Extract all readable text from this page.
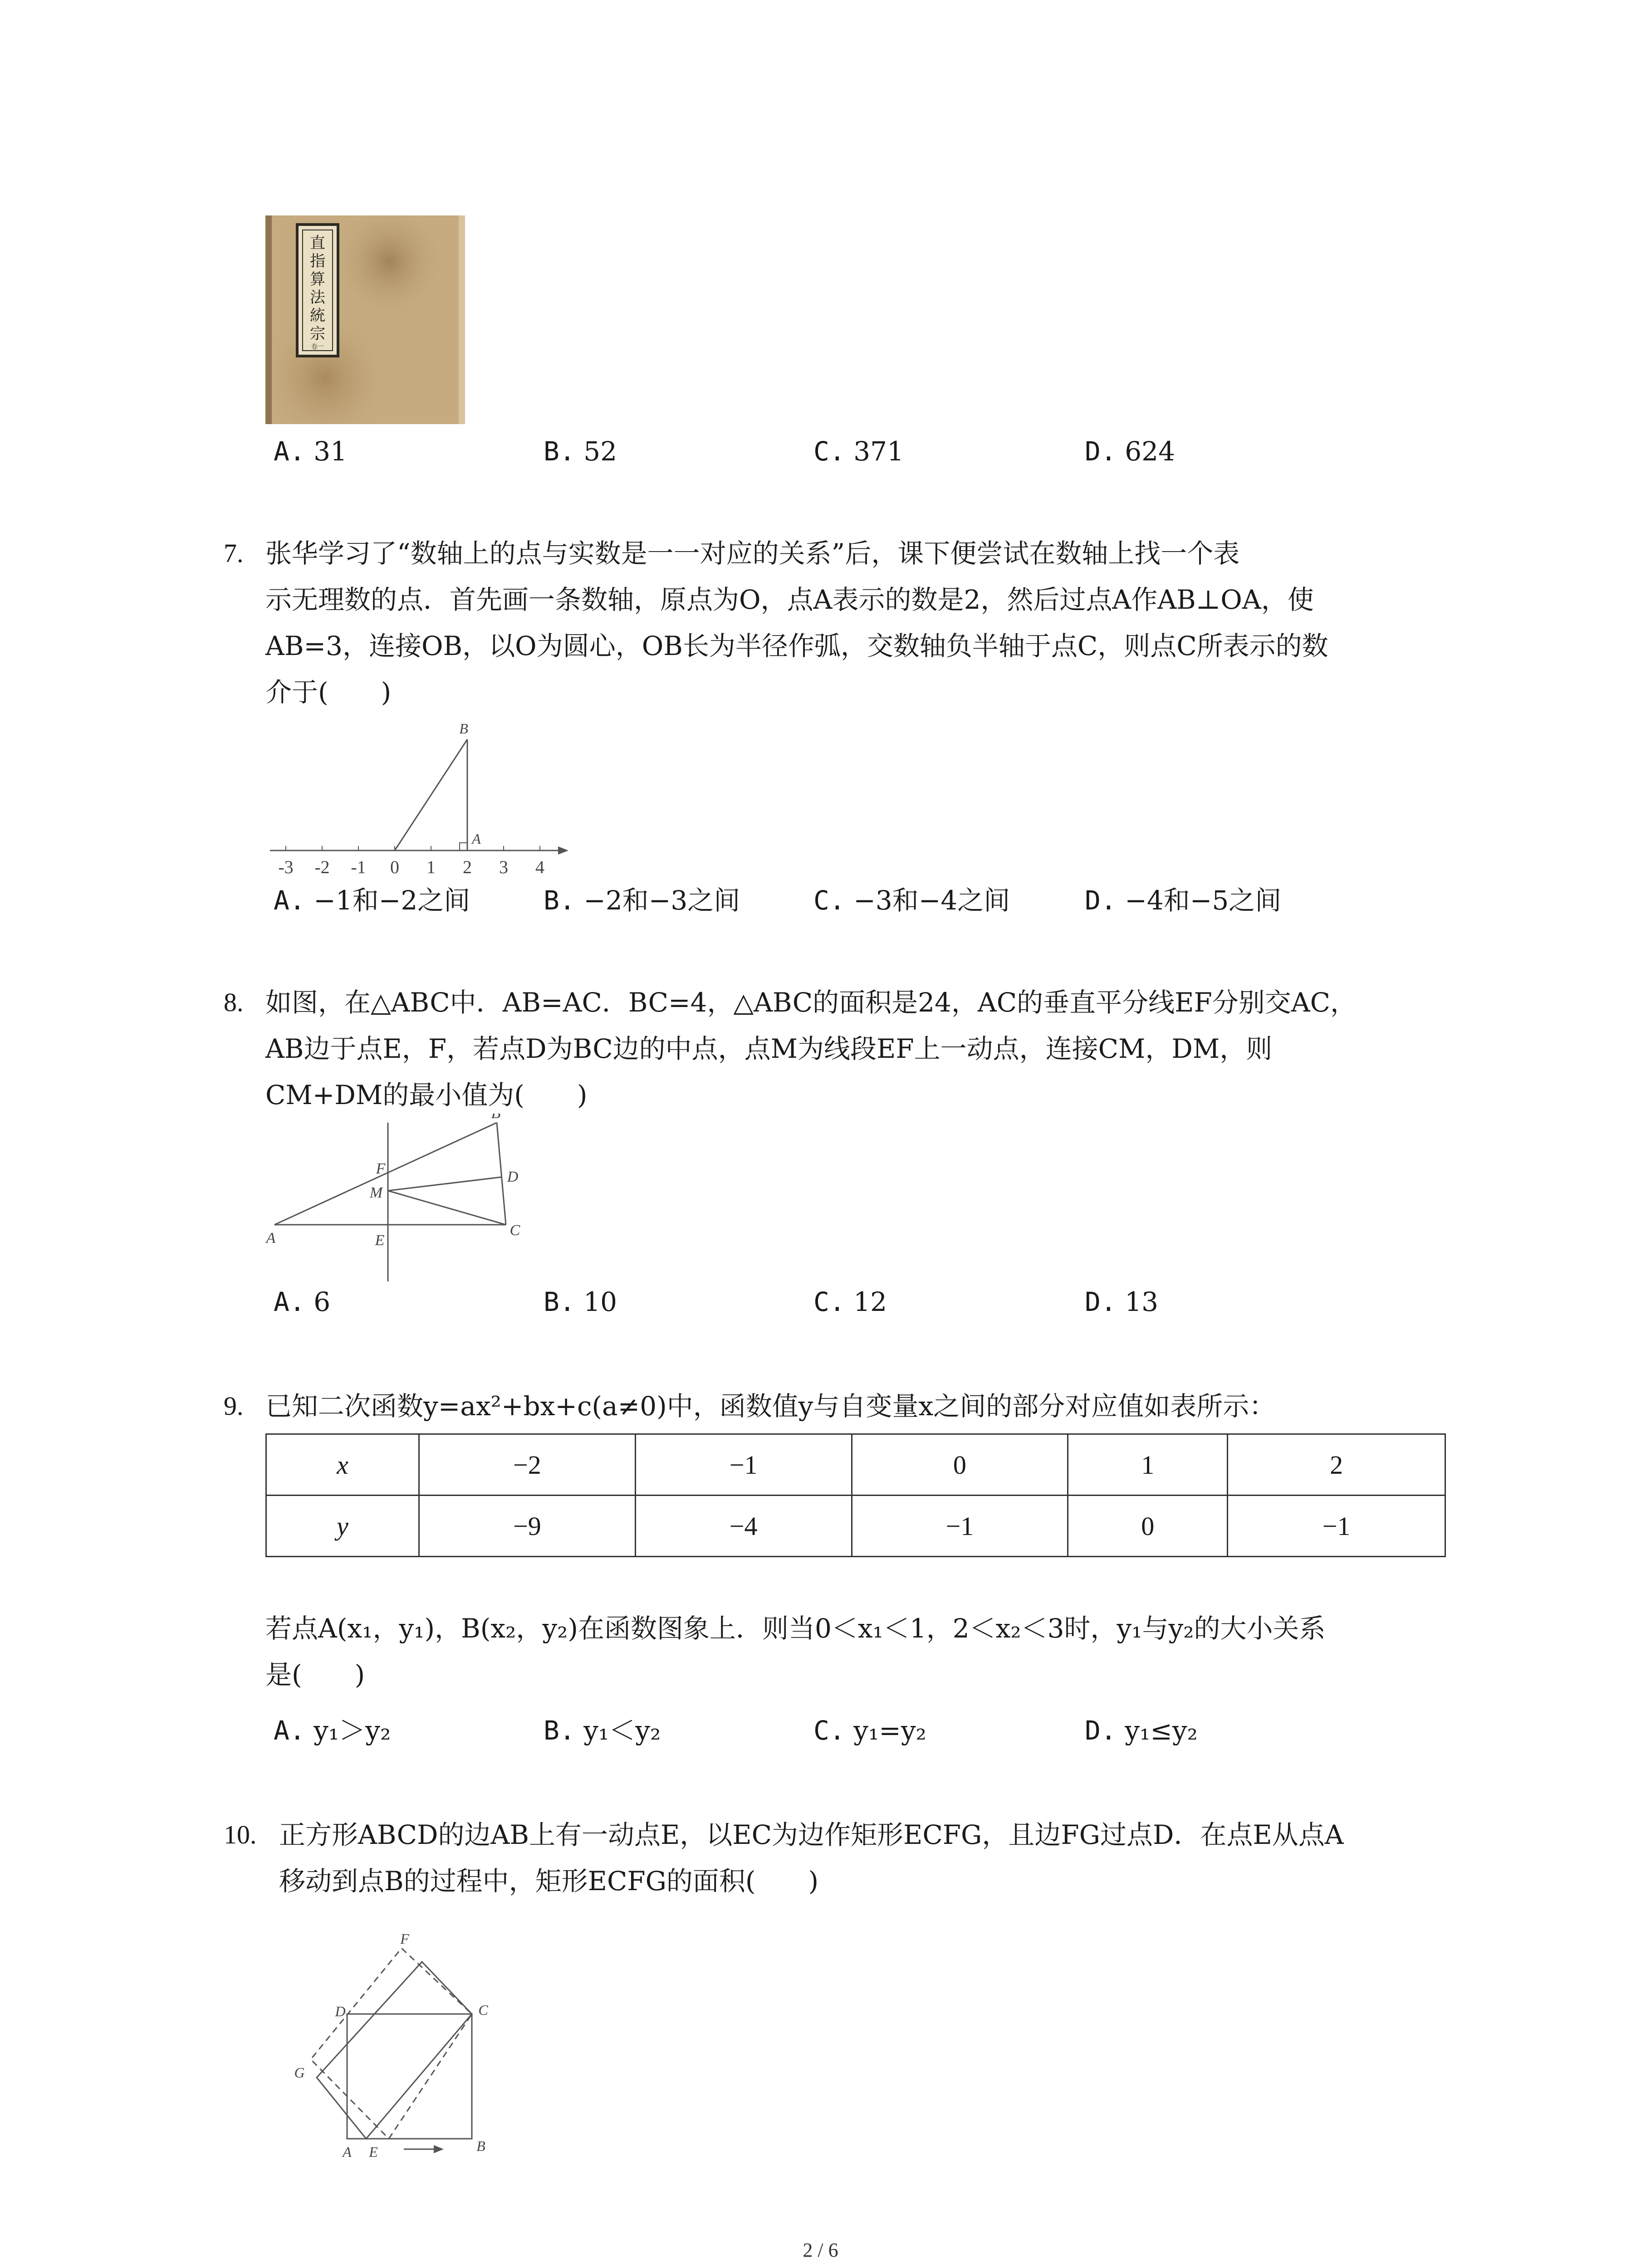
直
指
算
法
統
宗
卷一
A. 31	B. 52	C. 371	D. 624
7. 张华学习了“数轴上的点与实数是一一对应的关系”后，课下便尝试在数轴上找一个表
示无理数的点．首先画一条数轴，原点为O，点A表示的数是2，然后过点A作AB⊥OA，使
AB=3，连接OB，以O为圆心，OB长为半径作弧，交数轴负半轴于点C，则点C所表示的数
介于(　　)
-3 -2 -1 0 1 2 3 4
B
A
A. −1和−2之间	B. −2和−3之间	C. −3和−4之间	D. −4和−5之间
8. 如图，在△ABC中．AB=AC．BC=4，△ABC的面积是24，AC的垂直平分线EF分别交AC，
AB边于点E，F，若点D为BC边的中点，点M为线段EF上一动点，连接CM，DM，则
CM+DM的最小值为(　　)
A	C
D
E
F
M
A. 6	B. 10	C. 12	D. 13
9. 已知二次函数y=ax²+bx+c(a≠0)中，函数值y与自变量x之间的部分对应值如表所示：
x	−2	−1	0	1	2
y	−9	−4	−1	0	−1
若点A(x₁，y₁)，B(x₂，y₂)在函数图象上．则当0＜x₁＜1，2＜x₂＜3时，y₁与y₂的大小关系
是(　　)
A. y₁＞y₂	B. y₁＜y₂	C. y₁=y₂	D. y₁≤y₂
10. 正方形ABCD的边AB上有一动点E，以EC为边作矩形ECFG，且边FG过点D．在点E从点A
移动到点B的过程中，矩形ECFG的面积(　　)
A	B
C
D
E
F
G
2 / 6
